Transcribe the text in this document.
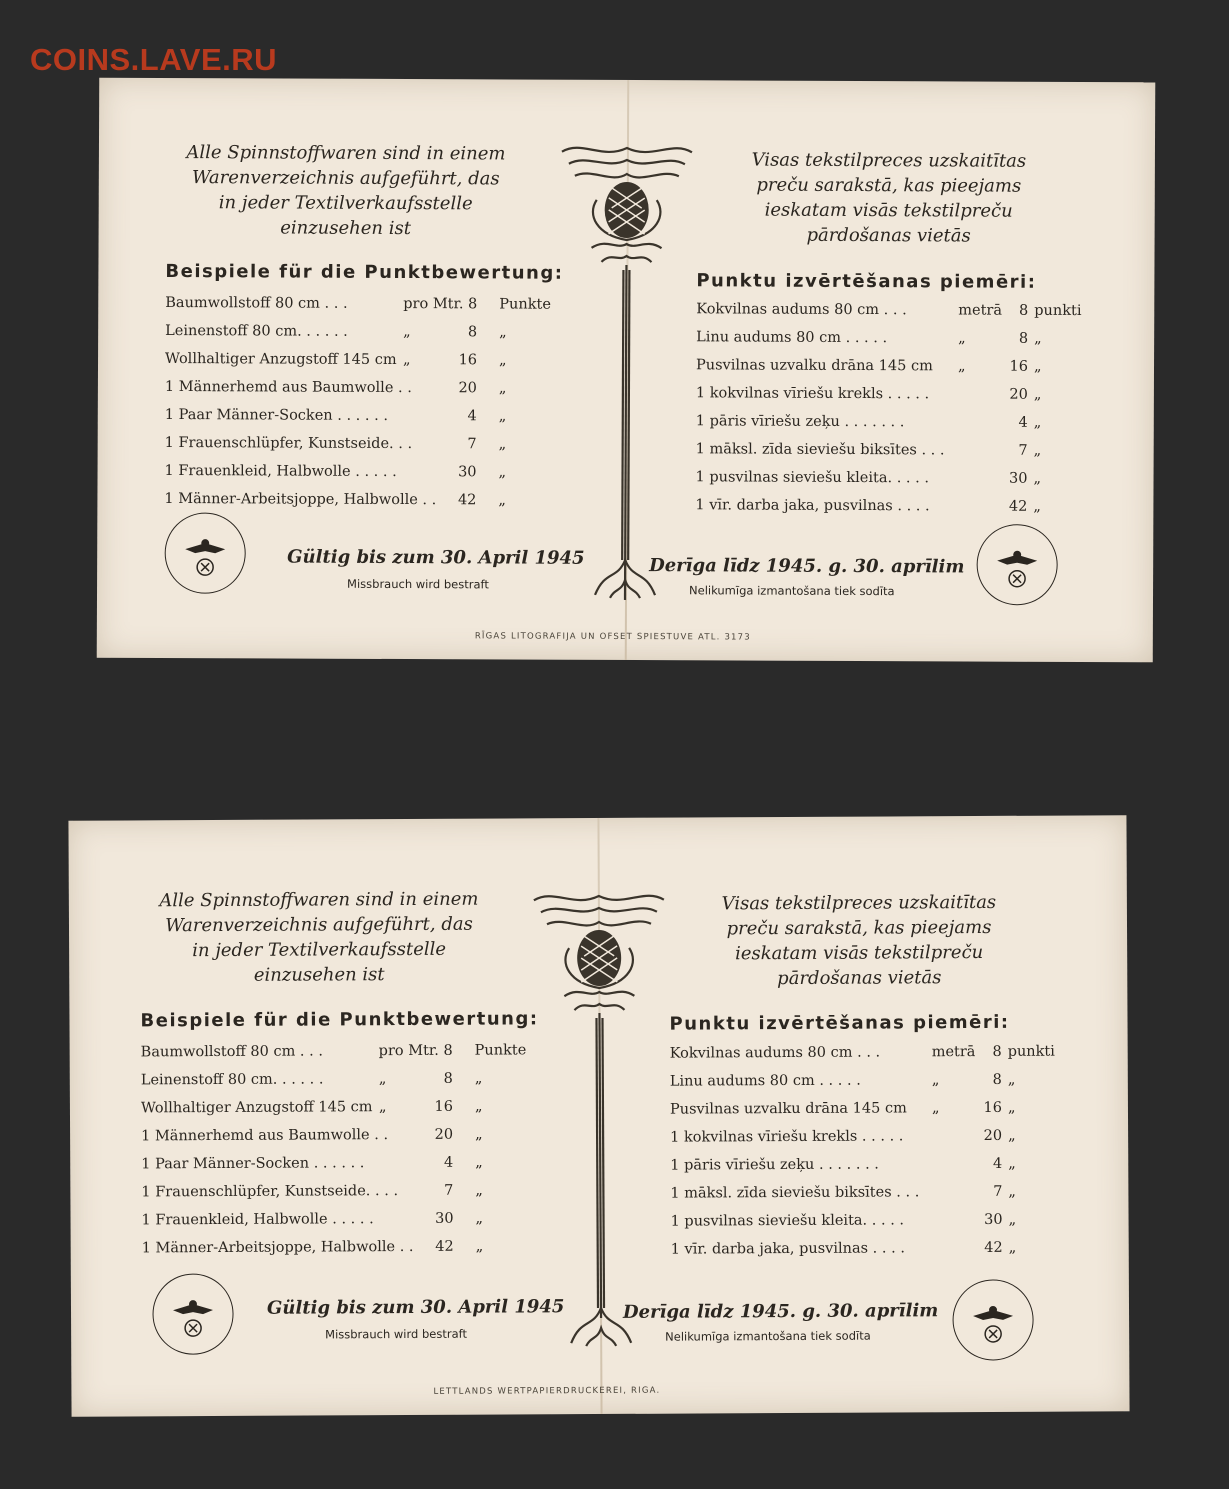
COINS.LAVE.RU
Alle Spinnstoffwaren sind in einem
Warenverzeichnis aufgeführt, das
in jeder Textilverkaufsstelle
einzusehen ist
Visas tekstilpreces uzskaitītas
preču sarakstā, kas pieejams
ieskatam visās tekstilpreču
pārdošanas vietās
Beispiele für die Punktbewertung:	Punktu izvērtēšanas piemēri:
Baumwollstoff 80 cm . . .	pro Mtr. 8 Punkte
Leinenstoff 80 cm. . . . . .	„	8 „
Wollhaltiger Anzugstoff 145 cm „	16 „
1 Männerhemd aus Baumwolle . .	20 „
1 Paar Männer-Socken . . . . . .	4 „
1 Frauenschlüpfer, Kunstseide. . .	7 „
1 Frauenkleid, Halbwolle . . . . .	30 „
1 Männer-Arbeitsjoppe, Halbwolle . .	42 „
Kokvilnas audums 80 cm . . .	metrā	8 punkti
Linu audums 80 cm . . . . .	„	8 „
Pusvilnas uzvalku drāna 145 cm „	16 „
1 kokvilnas vīriešu krekls . . . . .	20 „
1 pāris vīriešu zeķu . . . . . . .	4 „
1 māksl. zīda sieviešu biksītes . . .	7 „
1 pusvilnas sieviešu kleita. . . . .	30 „
1 vīr. darba jaka, pusvilnas . . . .	42 „
Gültig bis zum 30. April 1945
Missbrauch wird bestraft
Derīga līdz 1945. g. 30. aprīlim
Nelikumīga izmantošana tiek sodīta
RĪGAS LITOGRAFIJA UN OFSET SPIESTUVE ATL. 3173
Alle Spinnstoffwaren sind in einem
Warenverzeichnis aufgeführt, das
in jeder Textilverkaufsstelle
einzusehen ist
Visas tekstilpreces uzskaitītas
preču sarakstā, kas pieejams
ieskatam visās tekstilpreču
pārdošanas vietās
Beispiele für die Punktbewertung:	Punktu izvērtēšanas piemēri:
Baumwollstoff 80 cm . . .	pro Mtr. 8 Punkte
Leinenstoff 80 cm. . . . . .	„	8 „
Wollhaltiger Anzugstoff 145 cm „	16 „
1 Männerhemd aus Baumwolle . .	20 „
1 Paar Männer-Socken . . . . . .	4 „
1 Frauenschlüpfer, Kunstseide. . . .	7 „
1 Frauenkleid, Halbwolle . . . . .	30 „
1 Männer-Arbeitsjoppe, Halbwolle . .	42 „
Kokvilnas audums 80 cm . . .	metrā	8 punkti
Linu audums 80 cm . . . . .	„	8 „
Pusvilnas uzvalku drāna 145 cm „	16 „
1 kokvilnas vīriešu krekls . . . . .	20 „
1 pāris vīriešu zeķu . . . . . . .	4 „
1 māksl. zīda sieviešu biksītes . . .	7 „
1 pusvilnas sieviešu kleita. . . . .	30 „
1 vīr. darba jaka, pusvilnas . . . .	42 „
Gültig bis zum 30. April 1945
Missbrauch wird bestraft
Derīga līdz 1945. g. 30. aprīlim
Nelikumīga izmantošana tiek sodīta
LETTLANDS WERTPAPIERDRUCKEREI, RIGA.
